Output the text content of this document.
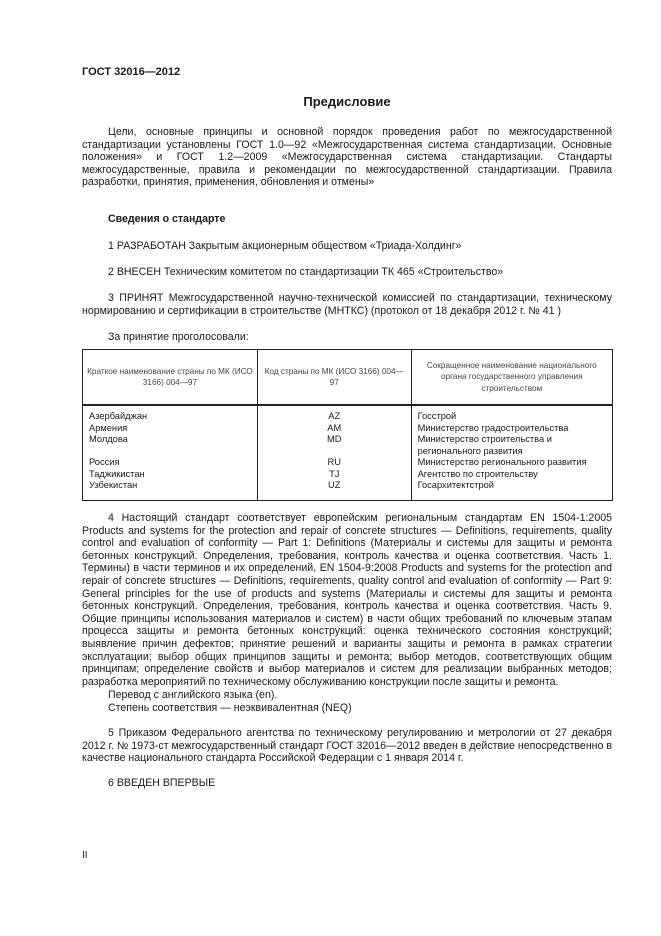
ГОСТ 32016—2012
Предисловие
Цели, основные принципы и основной порядок проведения работ по межгосударственной стандартизации установлены ГОСТ 1.0—92 «Межгосударственная система стандартизации. Основные положения» и ГОСТ 1.2—2009 «Межгосударственная система стандартизации. Стандарты межгосударственные, правила и рекомендации по межгосударственной стандартизации. Правила разработки, принятия, применения, обновления и отмены»
Сведения о стандарте
1 РАЗРАБОТАН Закрытым акционерным обществом «Триада-Холдинг»
2 ВНЕСЕН Техническим комитетом по стандартизации ТК 465 «Строительство»
3 ПРИНЯТ Межгосударственной научно-технической комиссией по стандартизации, техническому нормированию и сертификации в строительстве (МНТКС) (протокол от 18 декабря 2012 г. № 41 )
За принятие проголосовали:
Краткое наименование страны по МК (ИСО 3166) 004—97	Код страны по МК (ИСО 3166) 004—97	Сокращенное наименование национального органа государственного управления строительством
Азербайджан	AZ	Госстрой
Армения	AM	Министерство градостроительства
Молдова	MD	Министерство строительства и регионального развития
Россия	RU	Министерство регионального развития
Таджикистан	TJ	Агентство по строительству
Узбекистан	UZ	Госархитектстрой
4 Настоящий стандарт соответствует европейским региональным стандартам EN 1504-1:2005 Products and systems for the protection and repair of concrete structures — Definitions, requirements, quality control and evaluation of conformity — Part 1: Definitions (Материалы и системы для защиты и ремонта бетонных конструкций. Определения, требования, контроль качества и оценка соответствия. Часть 1. Термины) в части терминов и их определений, EN 1504-9:2008 Products and systems for the protection and repair of concrete structures — Definitions, requirements, quality control and evaluation of conformity — Part 9: General principles for the use of products and systems (Материалы и системы для защиты и ремонта бетонных конструкций. Определения, требования, контроль качества и оценка соответствия. Часть 9. Общие принципы использования материалов и систем) в части общих требований по ключевым этапам процесса защиты и ремонта бетонных конструкций: оценка технического состояния конструкций; выявление причин дефектов; принятие решений и варианты защиты и ремонта в рамках стратегии эксплуатации; выбор общих принципов защиты и ремонта; выбор методов, соответствующих общим принципам; определение свойств и выбор материалов и систем для реализации выбранных методов; разработка мероприятий по техническому обслуживанию конструкции после защиты и ремонта.
Перевод с английского языка (en).
Степень соответствия — неэквивалентная (NEQ)
5 Приказом Федерального агентства по техническому регулированию и метрологии от 27 декабря 2012 г. № 1973-ст межгосударственный стандарт ГОСТ 32016—2012 введен в действие непосредственно в качестве национального стандарта Российской Федерации с 1 января 2014 г.
6 ВВЕДЕН ВПЕРВЫЕ
II
